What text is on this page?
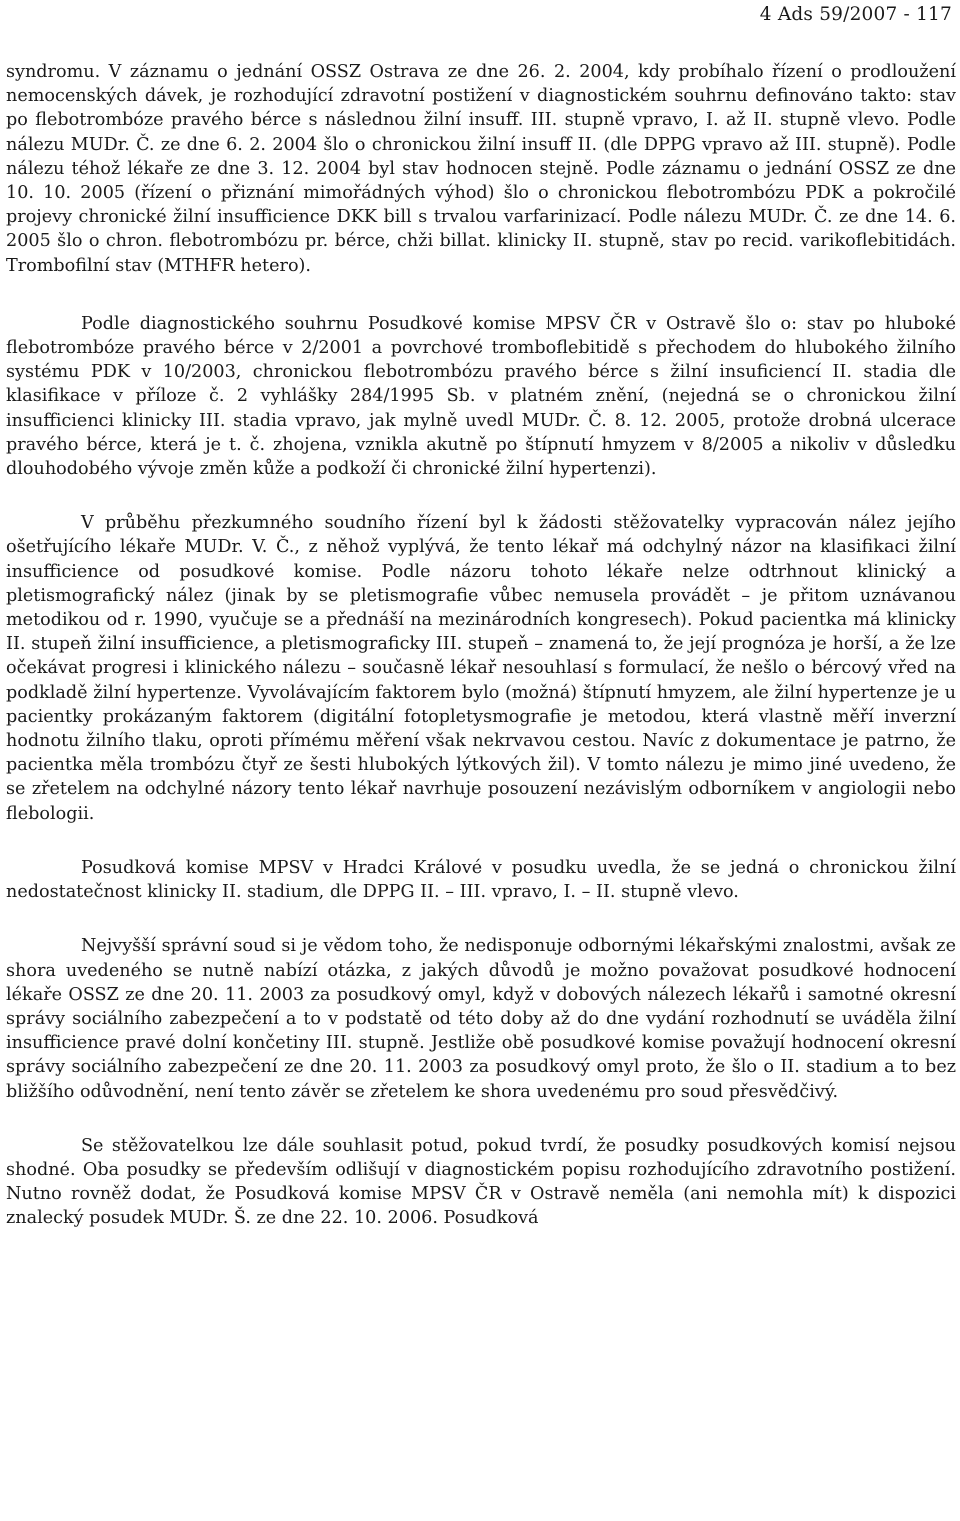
4 Ads 59/2007 - 117

syndromu. V záznamu o jednání OSSZ Ostrava ze dne 26. 2. 2004, kdy probíhalo řízení o prodloužení nemocenských dávek, je rozhodující zdravotní postižení v diagnostickém souhrnu definováno takto: stav po flebotrombóze pravého bérce s následnou žilní insuff. III. stupně vpravo, I. až II. stupně vlevo. Podle nálezu MUDr. Č. ze dne 6. 2. 2004 šlo o chronickou žilní insuff II. (dle DPPG vpravo až III. stupně). Podle nálezu téhož lékaře ze dne 3. 12. 2004 byl stav hodnocen stejně. Podle záznamu o jednání OSSZ ze dne 10. 10. 2005 (řízení o přiznání mimořádných výhod) šlo o chronickou flebotrombózu PDK a pokročilé projevy chronické žilní insufficience DKK bill s trvalou varfarinizací. Podle nálezu MUDr. Č. ze dne 14. 6. 2005 šlo o chron. flebotrombózu pr. bérce, chži billat. klinicky II. stupně, stav po recid. varikoflebitidách. Trombofilní stav (MTHFR hetero).

Podle diagnostického souhrnu Posudkové komise MPSV ČR v Ostravě šlo o: stav po hluboké flebotrombóze pravého bérce v 2/2001 a povrchové tromboflebitidě s přechodem do hlubokého žilního systému PDK v 10/2003, chronickou flebotrombózu pravého bérce s žilní insuficiencí II. stadia dle klasifikace v příloze č. 2 vyhlášky 284/1995 Sb. v platném znění, (nejedná se o chronickou žilní insufficienci klinicky III. stadia vpravo, jak mylně uvedl MUDr. Č. 8. 12. 2005, protože drobná ulcerace pravého bérce, která je t. č. zhojena, vznikla akutně po štípnutí hmyzem v 8/2005 a nikoliv v důsledku dlouhodobého vývoje změn kůže a podkoží či chronické žilní hypertenzi).

V průběhu přezkumného soudního řízení byl k žádosti stěžovatelky vypracován nález jejího ošetřujícího lékaře MUDr. V. Č., z něhož vyplývá, že tento lékař má odchylný názor na klasifikaci žilní insufficience od posudkové komise. Podle názoru tohoto lékaře nelze odtrhnout klinický a pletismografický nález (jinak by se pletismografie vůbec nemusela provádět – je přitom uznávanou metodikou od r. 1990, vyučuje se a přednáší na mezinárodních kongresech). Pokud pacientka má klinicky II. stupeň žilní insufficience, a pletismograficky III. stupeň – znamená to, že její prognóza je horší, a že lze očekávat progresi i klinického nálezu – současně lékař nesouhlasí s formulací, že nešlo o bércový vřed na podkladě žilní hypertenze. Vyvolávajícím faktorem bylo (možná) štípnutí hmyzem, ale žilní hypertenze je u pacientky prokázaným faktorem (digitální fotopletysmografie je metodou, která vlastně měří inverzní hodnotu žilního tlaku, oproti přímému měření však nekrvavou cestou. Navíc z dokumentace je patrno, že pacientka měla trombózu čtyř ze šesti hlubokých lýtkových žil). V tomto nálezu je mimo jiné uvedeno, že se zřetelem na odchylné názory tento lékař navrhuje posouzení nezávislým odborníkem v angiologii nebo flebologii.

Posudková komise MPSV v Hradci Králové v posudku uvedla, že se jedná o chronickou žilní nedostatečnost klinicky II. stadium, dle DPPG II. – III. vpravo, I. – II. stupně vlevo.

Nejvyšší správní soud si je vědom toho, že nedisponuje odbornými lékařskými znalostmi, avšak ze shora uvedeného se nutně nabízí otázka, z jakých důvodů je možno považovat posudkové hodnocení lékaře OSSZ ze dne 20. 11. 2003 za posudkový omyl, když v dobových nálezech lékařů i samotné okresní správy sociálního zabezpečení a to v podstatě od této doby až do dne vydání rozhodnutí se uváděla žilní insufficience pravé dolní končetiny III. stupně. Jestliže obě posudkové komise považují hodnocení okresní správy sociálního zabezpečení ze dne 20. 11. 2003 za posudkový omyl proto, že šlo o II. stadium a to bez bližšího odůvodnění, není tento závěr se zřetelem ke shora uvedenému pro soud přesvědčivý.

Se stěžovatelkou lze dále souhlasit potud, pokud tvrdí, že posudky posudkových komisí nejsou shodné. Oba posudky se především odlišují v diagnostickém popisu rozhodujícího zdravotního postižení. Nutno rovněž dodat, že Posudková komise MPSV ČR v Ostravě neměla (ani nemohla mít) k dispozici znalecký posudek MUDr. Š. ze dne 22. 10. 2006. Posudková
